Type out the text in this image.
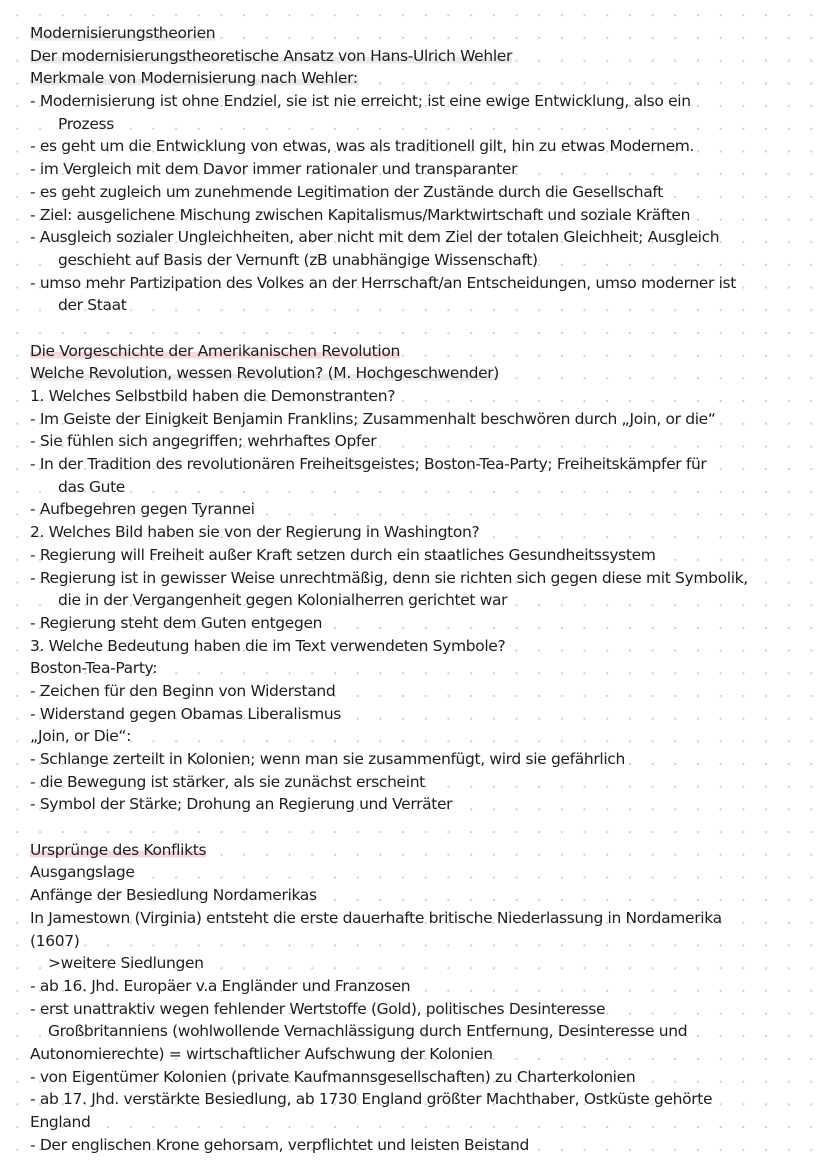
Modernisierungstheorien
Der modernisierungstheoretische Ansatz von Hans-Ulrich Wehler
Merkmale von Modernisierung nach Wehler:
- Modernisierung ist ohne Endziel, sie ist nie erreicht; ist eine ewige Entwicklung, also ein
Prozess
- es geht um die Entwicklung von etwas, was als traditionell gilt, hin zu etwas Modernem.
- im Vergleich mit dem Davor immer rationaler und transparanter
- es geht zugleich um zunehmende Legitimation der Zustände durch die Gesellschaft
- Ziel: ausgelichene Mischung zwischen Kapitalismus/Marktwirtschaft und soziale Kräften
- Ausgleich sozialer Ungleichheiten, aber nicht mit dem Ziel der totalen Gleichheit; Ausgleich
geschieht auf Basis der Vernunft (zB unabhängige Wissenschaft)
- umso mehr Partizipation des Volkes an der Herrschaft/an Entscheidungen, umso moderner ist
der Staat
Die Vorgeschichte der Amerikanischen Revolution
Welche Revolution, wessen Revolution? (M. Hochgeschwender)
1. Welches Selbstbild haben die Demonstranten?
- Im Geiste der Einigkeit Benjamin Franklins; Zusammenhalt beschwören durch „Join, or die“
- Sie fühlen sich angegriffen; wehrhaftes Opfer
- In der Tradition des revolutionären Freiheitsgeistes; Boston-Tea-Party; Freiheitskämpfer für
das Gute
- Aufbegehren gegen Tyrannei
2. Welches Bild haben sie von der Regierung in Washington?
- Regierung will Freiheit außer Kraft setzen durch ein staatliches Gesundheitssystem
- Regierung ist in gewisser Weise unrechtmäßig, denn sie richten sich gegen diese mit Symbolik,
die in der Vergangenheit gegen Kolonialherren gerichtet war
- Regierung steht dem Guten entgegen
3. Welche Bedeutung haben die im Text verwendeten Symbole?
Boston-Tea-Party:
- Zeichen für den Beginn von Widerstand
- Widerstand gegen Obamas Liberalismus
„Join, or Die“:
- Schlange zerteilt in Kolonien; wenn man sie zusammenfügt, wird sie gefährlich
- die Bewegung ist stärker, als sie zunächst erscheint
- Symbol der Stärke; Drohung an Regierung und Verräter
Ursprünge des Konflikts
Ausgangslage
Anfänge der Besiedlung Nordamerikas
In Jamestown (Virginia) entsteht die erste dauerhafte britische Niederlassung in Nordamerika
(1607)
>weitere Siedlungen
- ab 16. Jhd. Europäer v.a Engländer und Franzosen
- erst unattraktiv wegen fehlender Wertstoffe (Gold), politisches Desinteresse
Großbritanniens (wohlwollende Vernachlässigung durch Entfernung, Desinteresse und
Autonomierechte) = wirtschaftlicher Aufschwung der Kolonien
- von Eigentümer Kolonien (private Kaufmannsgesellschaften) zu Charterkolonien
- ab 17. Jhd. verstärkte Besiedlung, ab 1730 England größter Machthaber, Ostküste gehörte
England
- Der englischen Krone gehorsam, verpflichtet und leisten Beistand
